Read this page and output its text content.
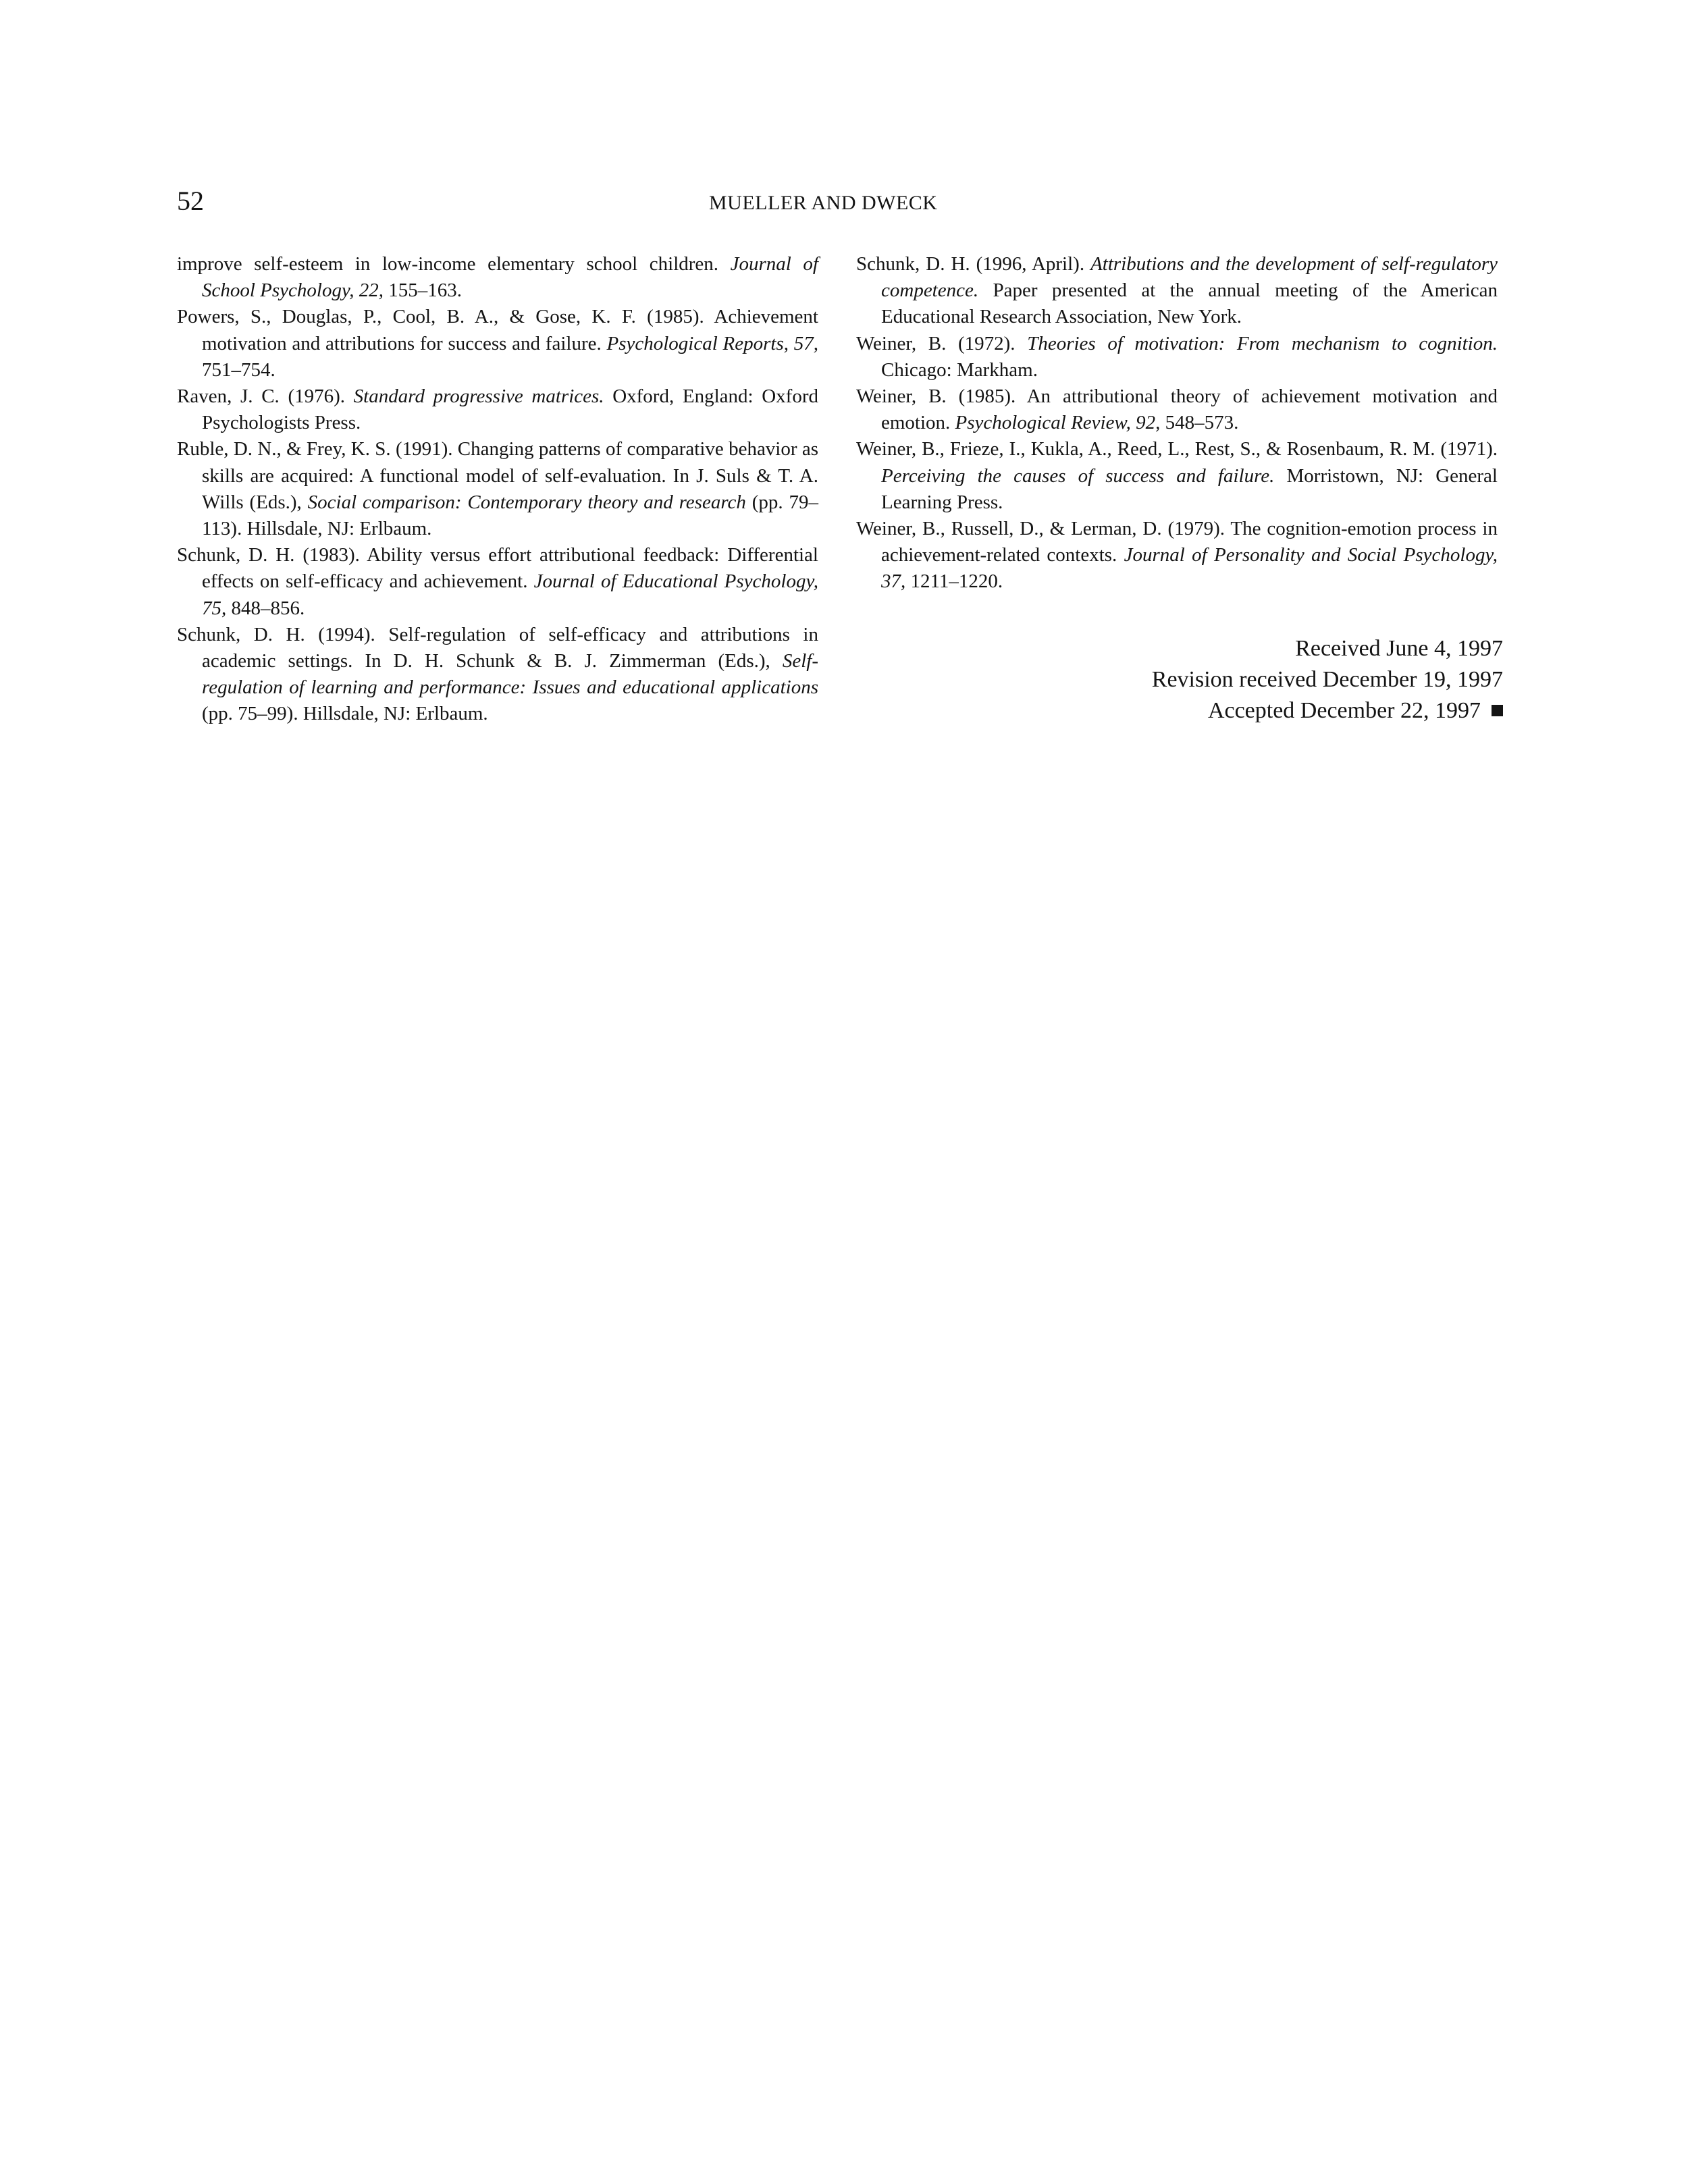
52	MUELLER AND DWECK

improve self-esteem in low-income elementary school children. Journal of School Psychology, 22, 155–163.

Powers, S., Douglas, P., Cool, B. A., & Gose, K. F. (1985). Achievement motivation and attributions for success and failure. Psychological Reports, 57, 751–754.

Raven, J. C. (1976). Standard progressive matrices. Oxford, England: Oxford Psychologists Press.

Ruble, D. N., & Frey, K. S. (1991). Changing patterns of comparative behavior as skills are acquired: A functional model of self-evaluation. In J. Suls & T. A. Wills (Eds.), Social comparison: Contemporary theory and research (pp. 79–113). Hillsdale, NJ: Erlbaum.

Schunk, D. H. (1983). Ability versus effort attributional feedback: Differential effects on self-efficacy and achievement. Journal of Educational Psychology, 75, 848–856.

Schunk, D. H. (1994). Self-regulation of self-efficacy and attributions in academic settings. In D. H. Schunk & B. J. Zimmerman (Eds.), Self-regulation of learning and performance: Issues and educational applications (pp. 75–99). Hillsdale, NJ: Erlbaum.

Schunk, D. H. (1996, April). Attributions and the development of self-regulatory competence. Paper presented at the annual meeting of the American Educational Research Association, New York.

Weiner, B. (1972). Theories of motivation: From mechanism to cognition. Chicago: Markham.

Weiner, B. (1985). An attributional theory of achievement motivation and emotion. Psychological Review, 92, 548–573.

Weiner, B., Frieze, I., Kukla, A., Reed, L., Rest, S., & Rosenbaum, R. M. (1971). Perceiving the causes of success and failure. Morristown, NJ: General Learning Press.

Weiner, B., Russell, D., & Lerman, D. (1979). The cognition-emotion process in achievement-related contexts. Journal of Personality and Social Psychology, 37, 1211–1220.

Received June 4, 1997
Revision received December 19, 1997
Accepted December 22, 1997
